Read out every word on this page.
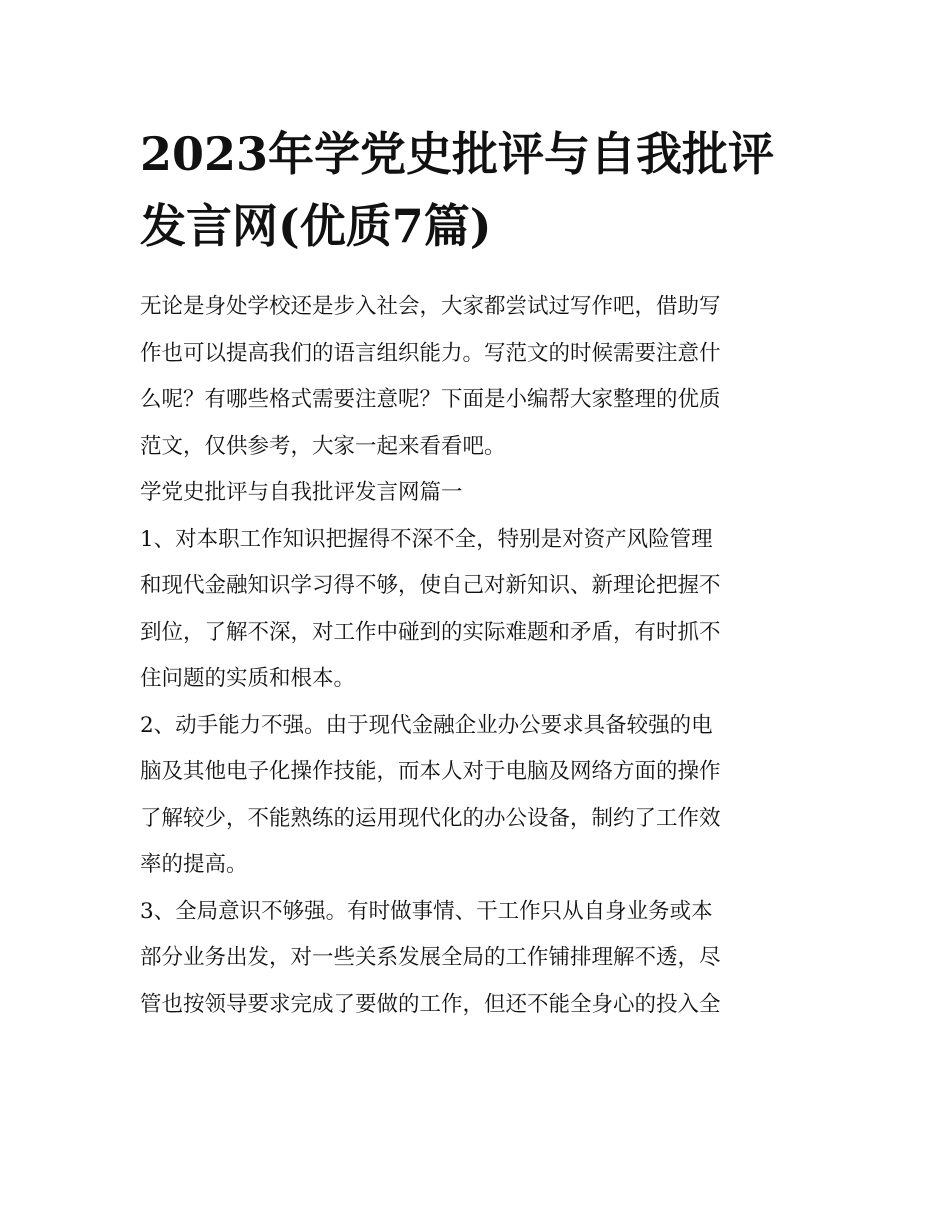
2023年学党史批评与自我批评
发言网(优质7篇)

无论是身处学校还是步入社会，大家都尝试过写作吧，借助写
作也可以提高我们的语言组织能力。写范文的时候需要注意什
么呢？有哪些格式需要注意呢？下面是小编帮大家整理的优质
范文，仅供参考，大家一起来看看吧。

学党史批评与自我批评发言网篇一

1、对本职工作知识把握得不深不全，特别是对资产风险管理
和现代金融知识学习得不够，使自己对新知识、新理论把握不
到位，了解不深，对工作中碰到的实际难题和矛盾，有时抓不
住问题的实质和根本。

2、动手能力不强。由于现代金融企业办公要求具备较强的电
脑及其他电子化操作技能，而本人对于电脑及网络方面的操作
了解较少，不能熟练的运用现代化的办公设备，制约了工作效
率的提高。

3、全局意识不够强。有时做事情、干工作只从自身业务或本
部分业务出发，对一些关系发展全局的工作铺排理解不透，尽
管也按领导要求完成了要做的工作，但还不能全身心的投入全
